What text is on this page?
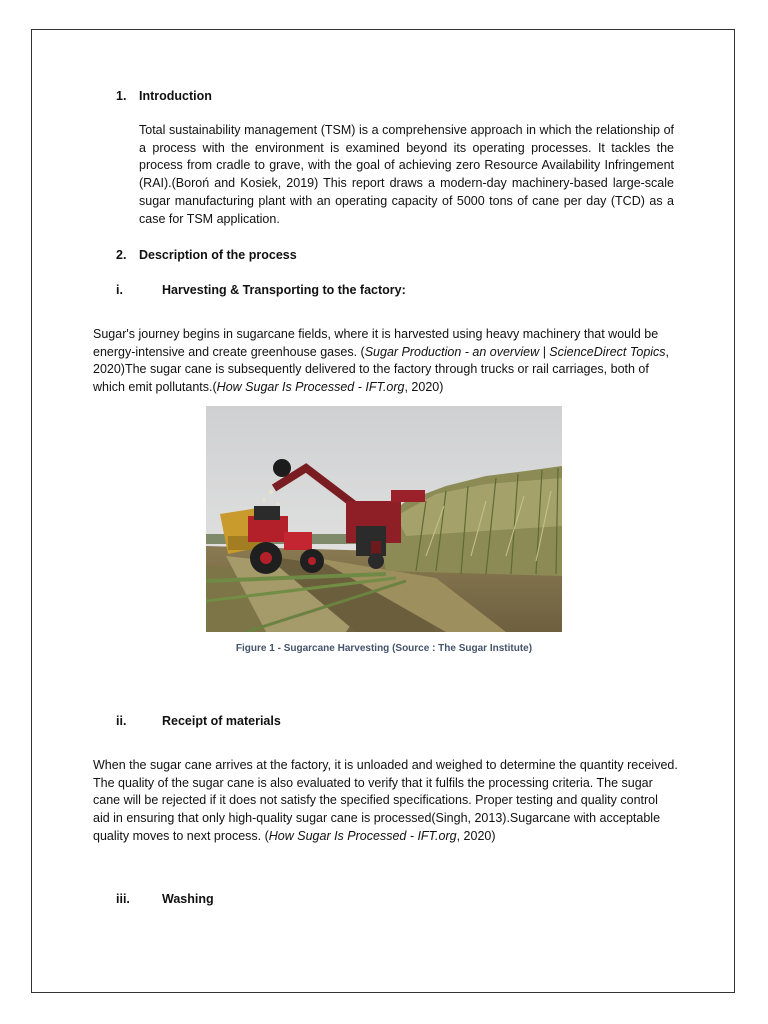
1. Introduction
Total sustainability management (TSM) is a comprehensive approach in which the relationship of a process with the environment is examined beyond its operating processes. It tackles the process from cradle to grave, with the goal of achieving zero Resource Availability Infringement (RAI).(Boroń and Kosiek, 2019) This report draws a modern-day machinery-based large-scale sugar manufacturing plant with an operating capacity of 5000 tons of cane per day (TCD) as a case for TSM application.
2. Description of the process
i.	Harvesting & Transporting to the factory:
Sugar's journey begins in sugarcane fields, where it is harvested using heavy machinery that would be energy-intensive and create greenhouse gases. (Sugar Production - an overview | ScienceDirect Topics, 2020)The sugar cane is subsequently delivered to the factory through trucks or rail carriages, both of which emit pollutants.(How Sugar Is Processed - IFT.org, 2020)
Figure 1 - Sugarcane Harvesting (Source : The Sugar Institute)
ii.	Receipt of materials
When the sugar cane arrives at the factory, it is unloaded and weighed to determine the quantity received. The quality of the sugar cane is also evaluated to verify that it fulfils the processing criteria. The sugar cane will be rejected if it does not satisfy the specified specifications. Proper testing and quality control aid in ensuring that only high-quality sugar cane is processed(Singh, 2013).Sugarcane with acceptable quality moves to next process. (How Sugar Is Processed - IFT.org, 2020)
iii.	Washing
